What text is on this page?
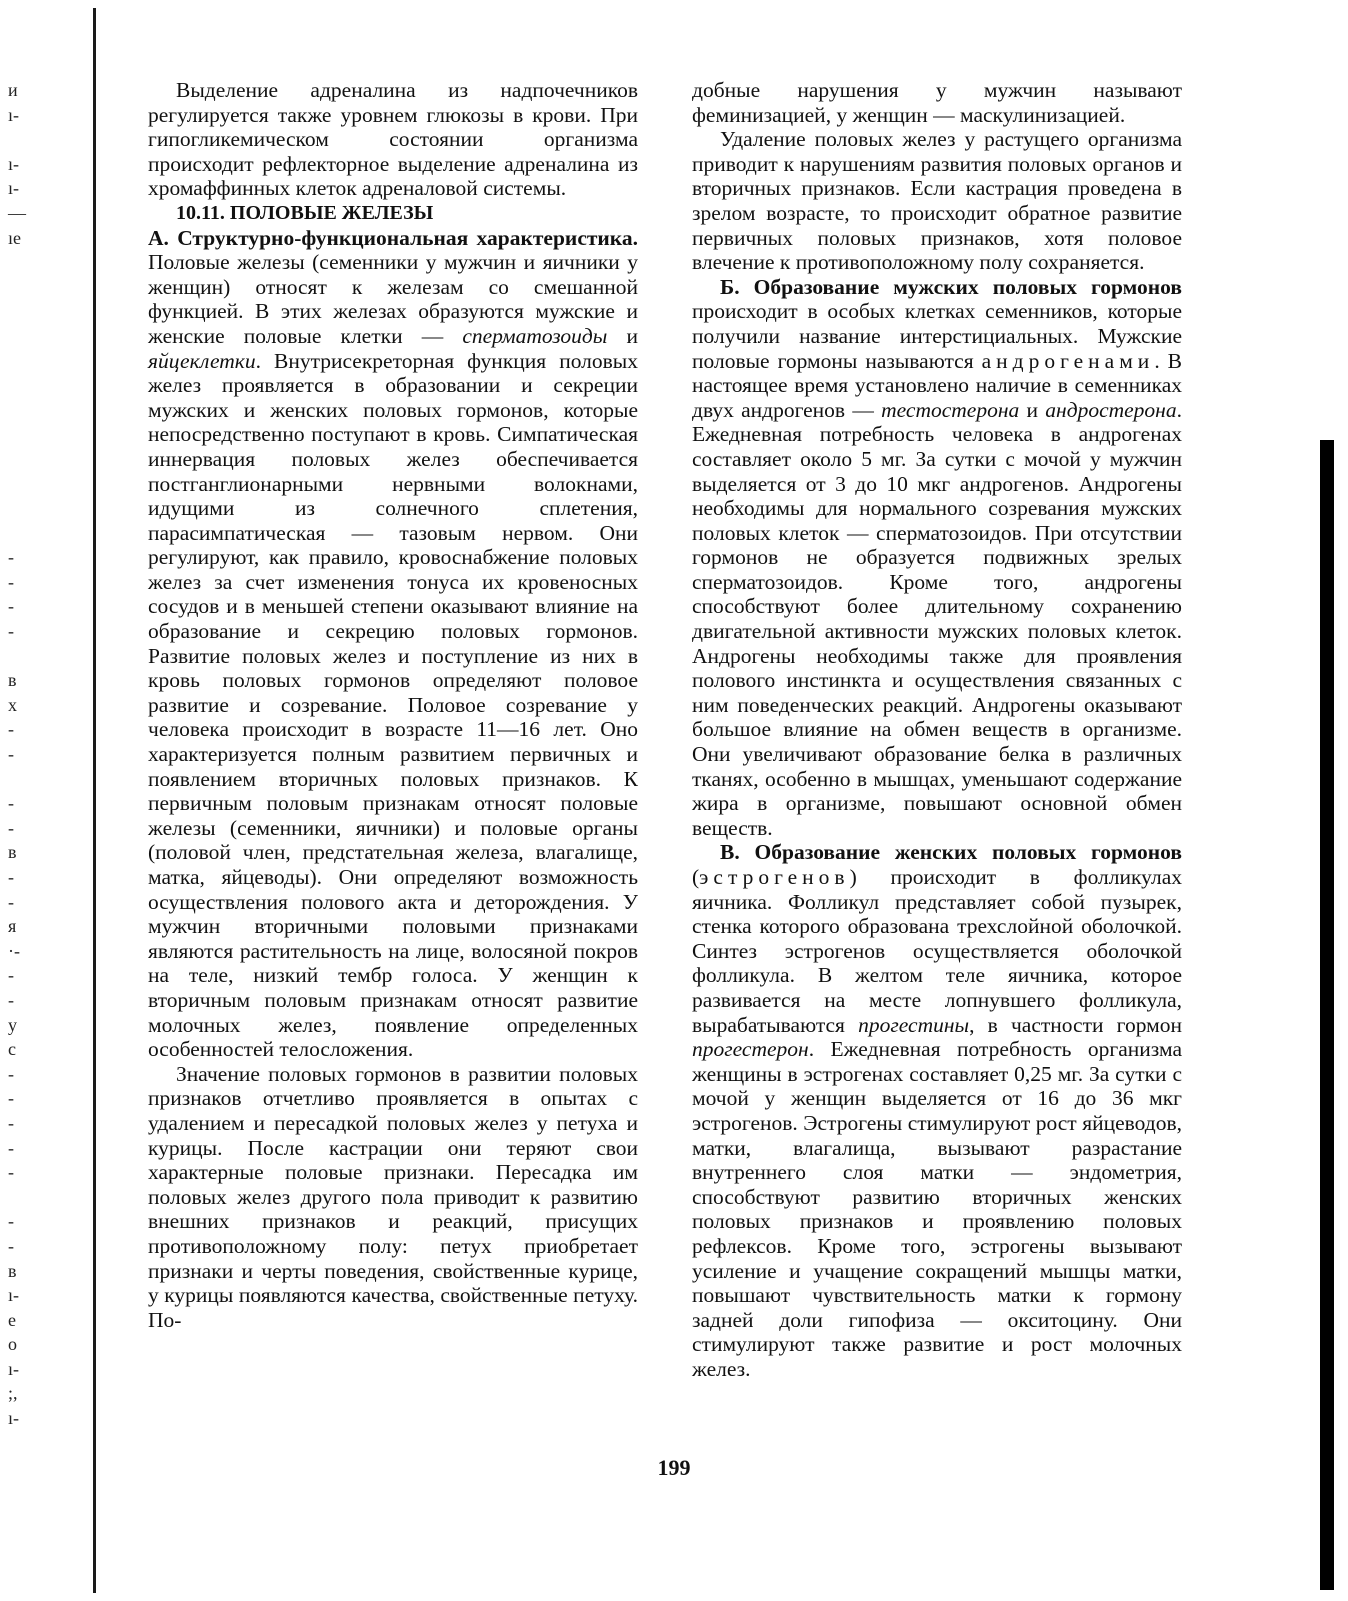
и
ı-
ı-
ı-
—
ıe
-
-
-
-
в
х
-
-
-
-
в
-
-
я
·-
-
-
у
с
-
-
-
-
-
-
-
в
ı-
е
о
ı-
;,
ı-

Выделение адреналина из надпочечников регулируется также уровнем глюкозы в крови. При гипогликемическом состоянии организма происходит рефлекторное выделение адреналина из хромаффинных клеток адреналовой системы.

10.11. ПОЛОВЫЕ ЖЕЛЕЗЫ

А. Структурно-функциональная характеристика. Половые железы (семенники у мужчин и яичники у женщин) относят к железам со смешанной функцией. В этих железах образуются мужские и женские половые клетки — сперматозоиды и яйцеклетки. Внутрисекреторная функция половых желез проявляется в образовании и секреции мужских и женских половых гормонов, которые непосредственно поступают в кровь. Симпатическая иннервация половых желез обеспечивается постганглионарными нервными волокнами, идущими из солнечного сплетения, парасимпатическая — тазовым нервом. Они регулируют, как правило, кровоснабжение половых желез за счет изменения тонуса их кровеносных сосудов и в меньшей степени оказывают влияние на образование и секрецию половых гормонов. Развитие половых желез и поступление из них в кровь половых гормонов определяют половое развитие и созревание. Половое созревание у человека происходит в возрасте 11—16 лет. Оно характеризуется полным развитием первичных и появлением вторичных половых признаков. К первичным половым признакам относят половые железы (семенники, яичники) и половые органы (половой член, предстательная железа, влагалище, матка, яйцеводы). Они определяют возможность осуществления полового акта и деторождения. У мужчин вторичными половыми признаками являются растительность на лице, волосяной покров на теле, низкий тембр голоса. У женщин к вторичным половым признакам относят развитие молочных желез, появление определенных особенностей телосложения.

Значение половых гормонов в развитии половых признаков отчетливо проявляется в опытах с удалением и пересадкой половых желез у петуха и курицы. После кастрации они теряют свои характерные половые признаки. Пересадка им половых желез другого пола приводит к развитию внешних признаков и реакций, присущих противоположному полу: петух приобретает признаки и черты поведения, свойственные курице, у курицы появляются качества, свойственные петуху. По-

добные нарушения у мужчин называют феминизацией, у женщин — маскулинизацией.

Удаление половых желез у растущего организма приводит к нарушениям развития половых органов и вторичных признаков. Если кастрация проведена в зрелом возрасте, то происходит обратное развитие первичных половых признаков, хотя половое влечение к противоположному полу сохраняется.

Б. Образование мужских половых гормонов происходит в особых клетках семенников, которые получили название интерстициальных. Мужские половые гормоны называются андрогенами. В настоящее время установлено наличие в семенниках двух андрогенов — тестостерона и андростерона. Ежедневная потребность человека в андрогенах составляет около 5 мг. За сутки с мочой у мужчин выделяется от 3 до 10 мкг андрогенов. Андрогены необходимы для нормального созревания мужских половых клеток — сперматозоидов. При отсутствии гормонов не образуется подвижных зрелых сперматозоидов. Кроме того, андрогены способствуют более длительному сохранению двигательной активности мужских половых клеток. Андрогены необходимы также для проявления полового инстинкта и осуществления связанных с ним поведенческих реакций. Андрогены оказывают большое влияние на обмен веществ в организме. Они увеличивают образование белка в различных тканях, особенно в мышцах, уменьшают содержание жира в организме, повышают основной обмен веществ.

В. Образование женских половых гормонов (эстрогенов) происходит в фолликулах яичника. Фолликул представляет собой пузырек, стенка которого образована трехслойной оболочкой. Синтез эстрогенов осуществляется оболочкой фолликула. В желтом теле яичника, которое развивается на месте лопнувшего фолликула, вырабатываются прогестины, в частности гормон прогестерон. Ежедневная потребность организма женщины в эстрогенах составляет 0,25 мг. За сутки с мочой у женщин выделяется от 16 до 36 мкг эстрогенов. Эстрогены стимулируют рост яйцеводов, матки, влагалища, вызывают разрастание внутреннего слоя матки — эндометрия, способствуют развитию вторичных женских половых признаков и проявлению половых рефлексов. Кроме того, эстрогены вызывают усиление и учащение сокращений мышцы матки, повышают чувствительность матки к гормону задней доли гипофиза — окситоцину. Они стимулируют также развитие и рост молочных желез.

199
